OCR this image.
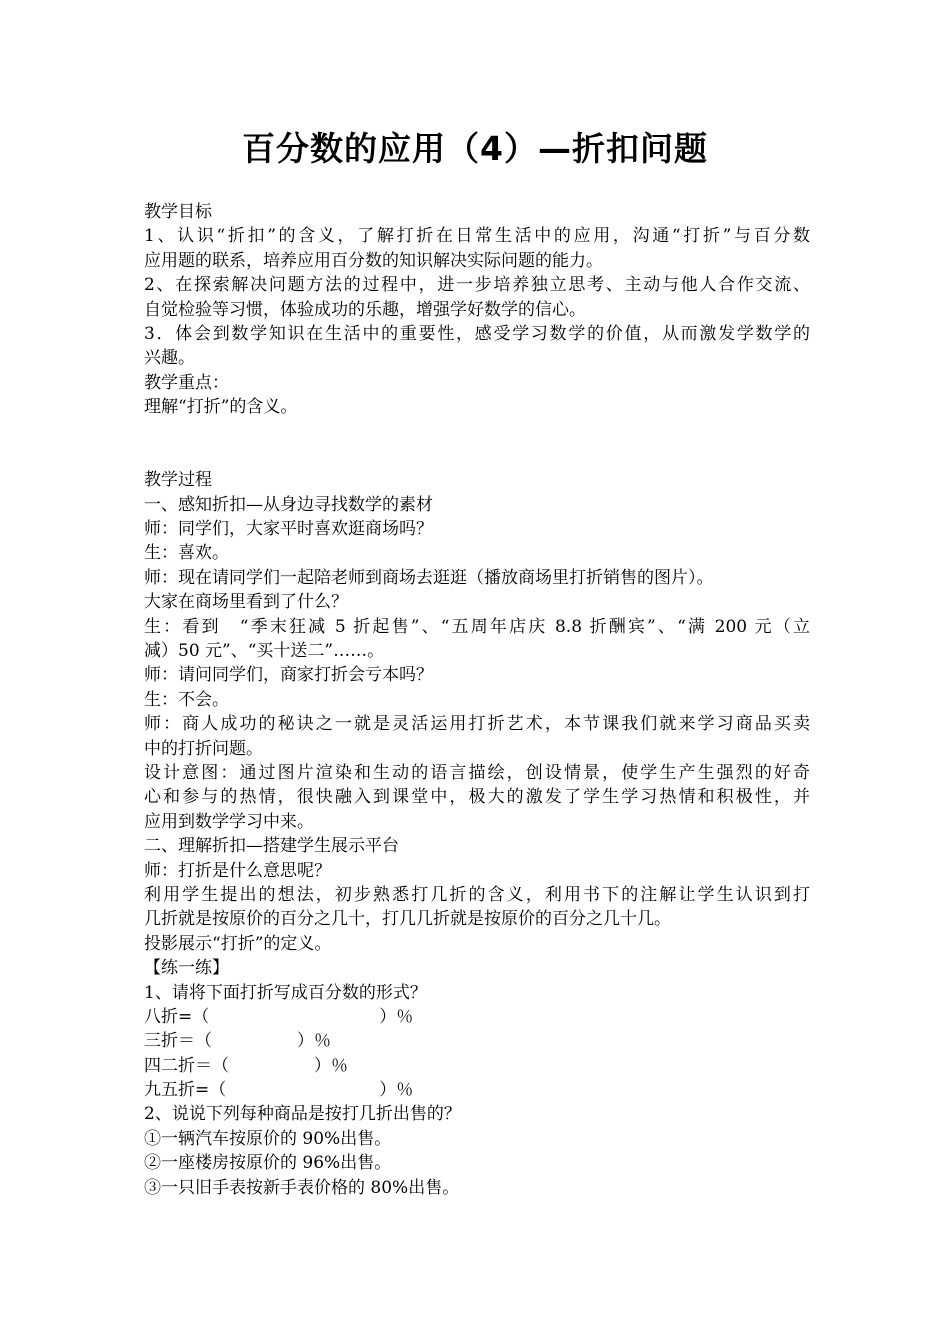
百分数的应用（4）—折扣问题
教学目标
1、认识“折扣”的含义，了解打折在日常生活中的应用，沟通“打折”与百分数
应用题的联系，培养应用百分数的知识解决实际问题的能力。
2、在探索解决问题方法的过程中，进一步培养独立思考、主动与他人合作交流、
自觉检验等习惯，体验成功的乐趣，增强学好数学的信心。
3．体会到数学知识在生活中的重要性，感受学习数学的价值，从而激发学数学的
兴趣。
教学重点：
理解“打折”的含义。
教学过程
一、感知折扣—从身边寻找数学的素材
师：同学们，大家平时喜欢逛商场吗？
生：喜欢。
师：现在请同学们一起陪老师到商场去逛逛（播放商场里打折销售的图片）。
大家在商场里看到了什么？
生：看到　“季末狂减 5 折起售”、“五周年店庆 8.8 折酬宾”、“满 200 元（立
减）50 元”、“买十送二”……。
师：请问同学们，商家打折会亏本吗？
生：不会。
师：商人成功的秘诀之一就是灵活运用打折艺术，本节课我们就来学习商品买卖
中的打折问题。
设计意图：通过图片渲染和生动的语言描绘，创设情景，使学生产生强烈的好奇
心和参与的热情，很快融入到课堂中，极大的激发了学生学习热情和积极性，并
应用到数学学习中来。
二、理解折扣—搭建学生展示平台
师：打折是什么意思呢？
利用学生提出的想法，初步熟悉打几折的含义，利用书下的注解让学生认识到打
几折就是按原价的百分之几十，打几几折就是按原价的百分之几十几。
投影展示“打折”的定义。
【练一练】
1、请将下面打折写成百分数的形式？
八折=（　　　　　　　　　　）％
三折＝（　　　　　）％
四二折＝（　　　　　）％
九五折=（　　　　　　　　　）％
2、说说下列每种商品是按打几折出售的？
①一辆汽车按原价的 90%出售。
②一座楼房按原价的 96%出售。
③一只旧手表按新手表价格的 80%出售。
